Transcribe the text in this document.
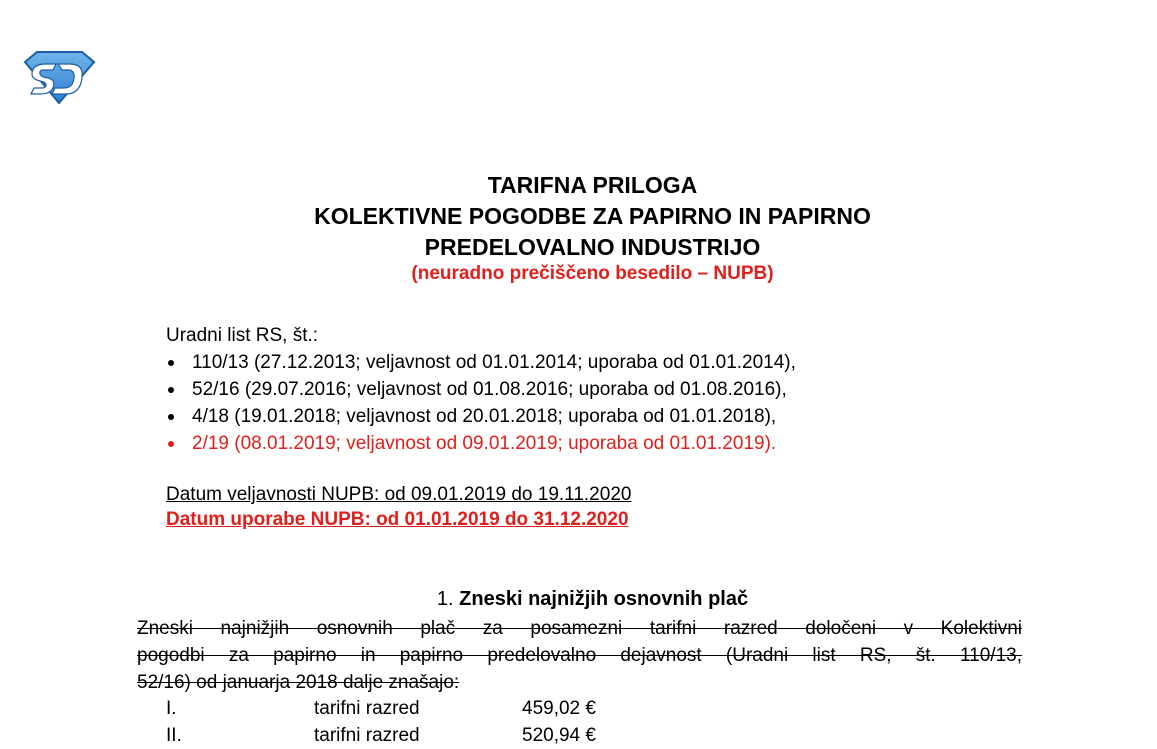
TARIFNA PRILOGA
KOLEKTIVNE POGODBE ZA PAPIRNO IN PAPIRNO
PREDELOVALNO INDUSTRIJO
(neuradno prečiščeno besedilo – NUPB)
Uradni list RS, št.:
110/13 (27.12.2013; veljavnost od 01.01.2014; uporaba od 01.01.2014),
52/16 (29.07.2016; veljavnost od 01.08.2016; uporaba od 01.08.2016),
4/18 (19.01.2018; veljavnost od 20.01.2018; uporaba od 01.01.2018),
2/19 (08.01.2019; veljavnost od 09.01.2019; uporaba od 01.01.2019).
Datum veljavnosti NUPB: od 09.01.2019 do 19.11.2020
Datum uporabe NUPB: od 01.01.2019 do 31.12.2020
1. Zneski najnižjih osnovnih plač
Zneski najnižjih osnovnih plač za posamezni tarifni razred določeni v Kolektivni
pogodbi za papirno in papirno predelovalno dejavnost (Uradni list RS, št. 110/13,
52/16) od januarja 2018 dalje znašajo:
I.	tarifni razred	459,02 €
II.	tarifni razred	520,94 €
